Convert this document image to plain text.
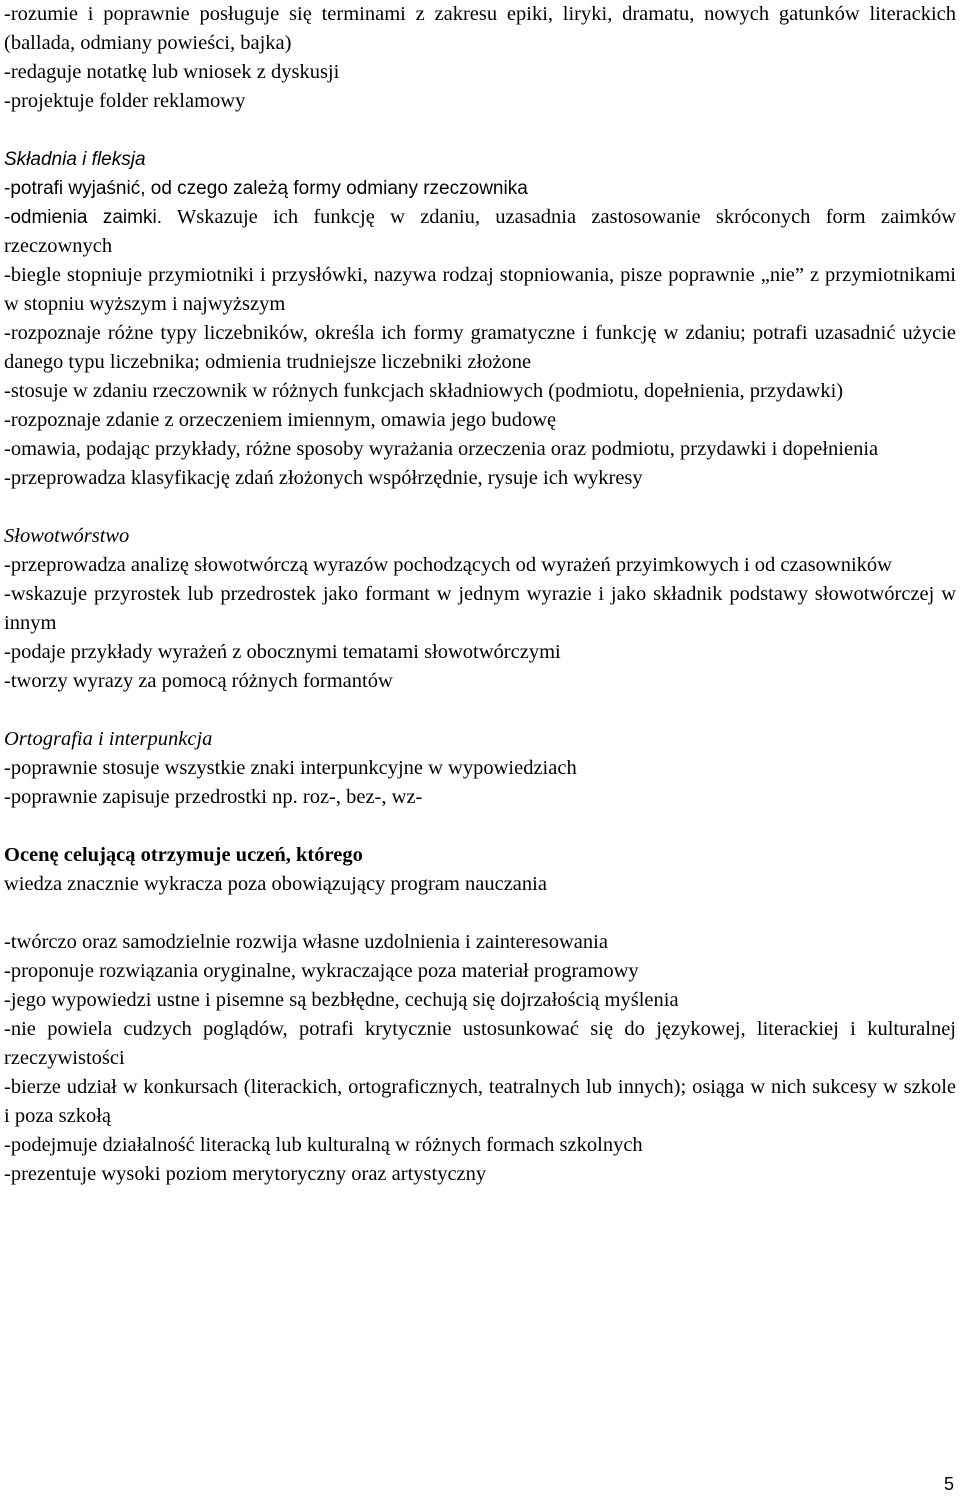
-rozumie i poprawnie posługuje się terminami z zakresu epiki, liryki, dramatu, nowych gatunków literackich (ballada, odmiany powieści, bajka)

-redaguje notatkę lub wniosek z dyskusji

-projektuje folder reklamowy

Składnia i fleksja

-potrafi wyjaśnić, od czego zależą formy odmiany rzeczownika

-odmienia zaimki. Wskazuje ich funkcję w zdaniu, uzasadnia zastosowanie skróconych form zaimków rzeczownych

-biegle stopniuje przymiotniki i przysłówki, nazywa rodzaj stopniowania, pisze poprawnie „nie” z przymiotnikami w stopniu wyższym i najwyższym

-rozpoznaje różne typy liczebników, określa ich formy gramatyczne i funkcję w zdaniu; potrafi uzasadnić użycie danego typu liczebnika; odmienia trudniejsze liczebniki złożone

-stosuje w zdaniu rzeczownik w różnych funkcjach składniowych (podmiotu, dopełnienia, przydawki)

-rozpoznaje zdanie z orzeczeniem imiennym, omawia jego budowę

-omawia, podając przykłady, różne sposoby wyrażania orzeczenia oraz podmiotu, przydawki i dopełnienia

-przeprowadza klasyfikację zdań złożonych współrzędnie, rysuje ich wykresy

Słowotwórstwo

-przeprowadza analizę słowotwórczą wyrazów pochodzących od wyrażeń przyimkowych i od czasowników

-wskazuje przyrostek lub przedrostek jako formant w jednym wyrazie i jako składnik podstawy słowotwórczej w innym

-podaje przykłady wyrażeń z obocznymi tematami słowotwórczymi

-tworzy wyrazy za pomocą różnych formantów

Ortografia i interpunkcja

-poprawnie stosuje wszystkie znaki interpunkcyjne w wypowiedziach

-poprawnie zapisuje przedrostki np. roz-, bez-, wz-

Ocenę celującą otrzymuje uczeń, którego

wiedza znacznie wykracza poza obowiązujący program nauczania

-twórczo oraz samodzielnie rozwija własne uzdolnienia i zainteresowania

-proponuje rozwiązania oryginalne, wykraczające poza materiał programowy

-jego wypowiedzi ustne i pisemne są bezbłędne, cechują się dojrzałością myślenia

-nie powiela cudzych poglądów, potrafi krytycznie ustosunkować się do językowej, literackiej i kulturalnej rzeczywistości

-bierze udział w konkursach (literackich, ortograficznych, teatralnych lub innych); osiąga w nich sukcesy w szkole i poza szkołą

-podejmuje działalność literacką lub kulturalną w różnych formach szkolnych

-prezentuje wysoki poziom merytoryczny oraz artystyczny

5
